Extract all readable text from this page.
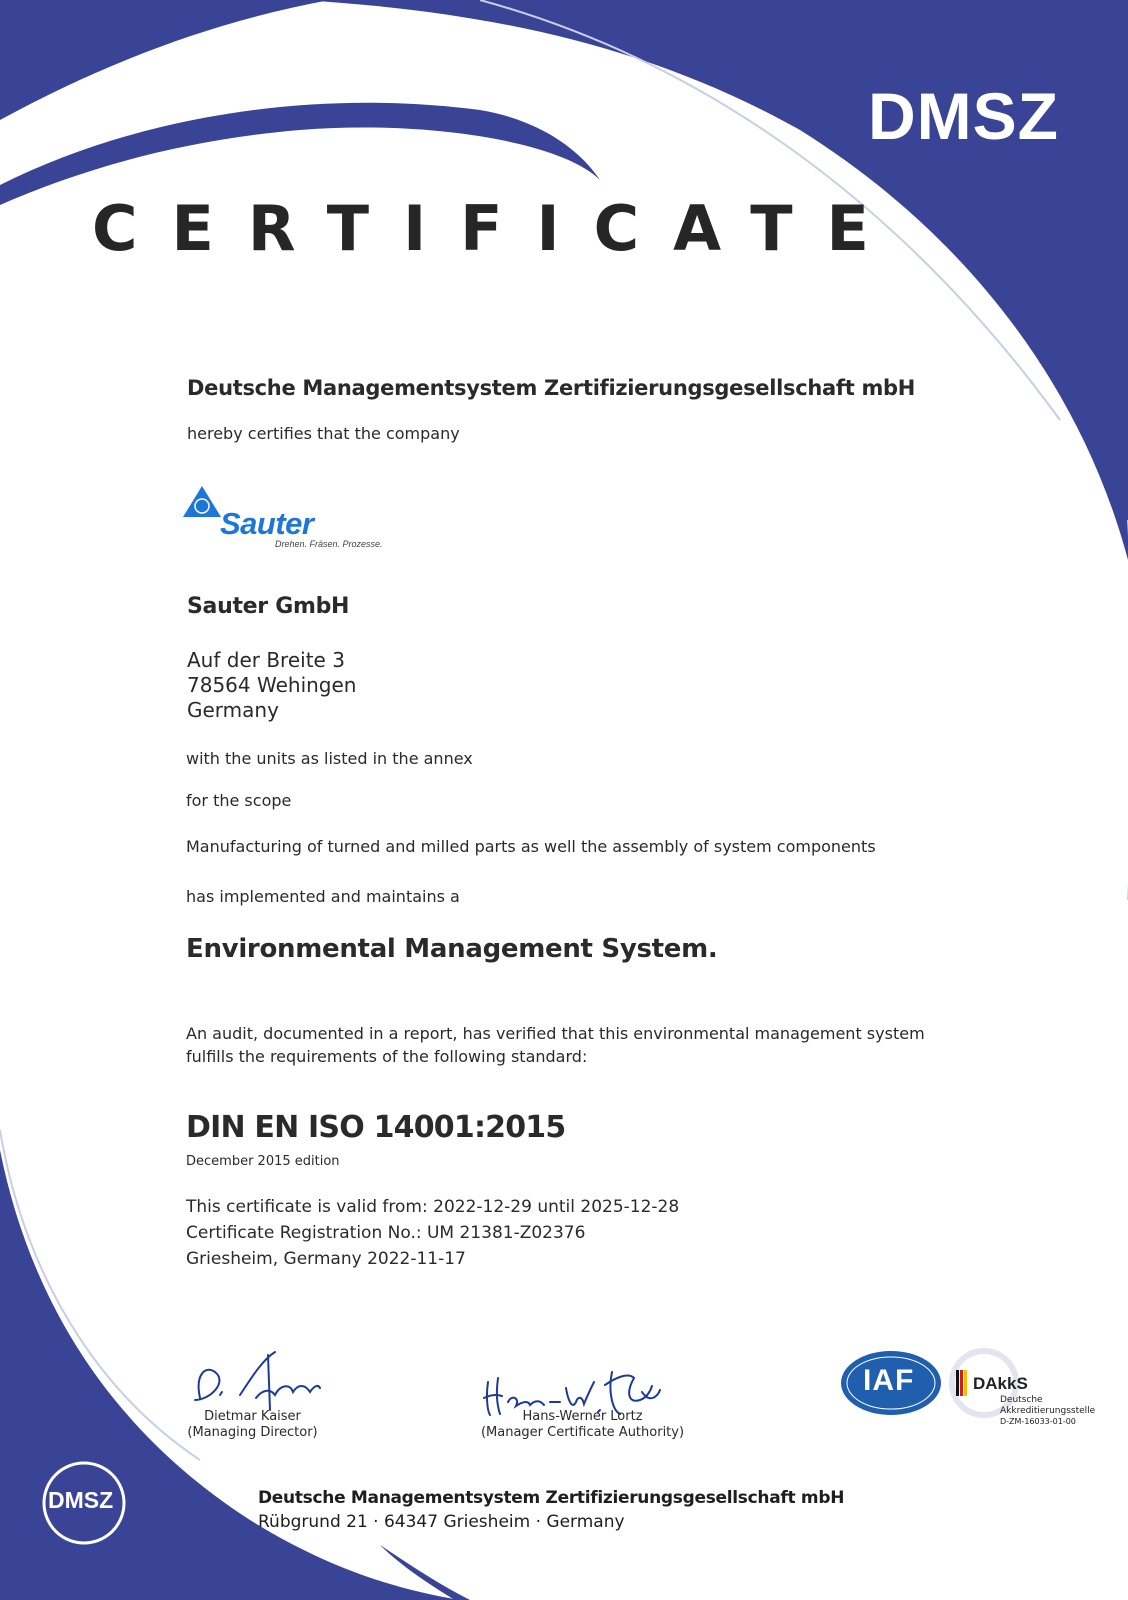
DMSZ
CERTIFICATE
Deutsche Managementsystem Zertifizierungsgesellschaft mbH
hereby certifies that the company
Sauter
Drehen. Fräsen. Prozesse.
Sauter GmbH
Auf der Breite 3
78564 Wehingen
Germany
with the units as listed in the annex
for the scope
Manufacturing of turned and milled parts as well the assembly of system components
has implemented and maintains a
Environmental Management System.
An audit, documented in a report, has verified that this environmental management system
fulfills the requirements of the following standard:
DIN EN ISO 14001:2015
December 2015 edition
This certificate is valid from: 2022-12-29 until 2025-12-28
Certificate Registration No.: UM 21381-Z02376
Griesheim, Germany 2022-11-17
Dietmar Kaiser
(Managing Director)
Hans-Werner Lortz
(Manager Certificate Authority)
IAF	DAkkS
Deutsche
Akkreditierungsstelle
D-ZM-16033-01-00
DMSZ	Deutsche Managementsystem Zertifizierungsgesellschaft mbH
Rübgrund 21 · 64347 Griesheim · Germany
